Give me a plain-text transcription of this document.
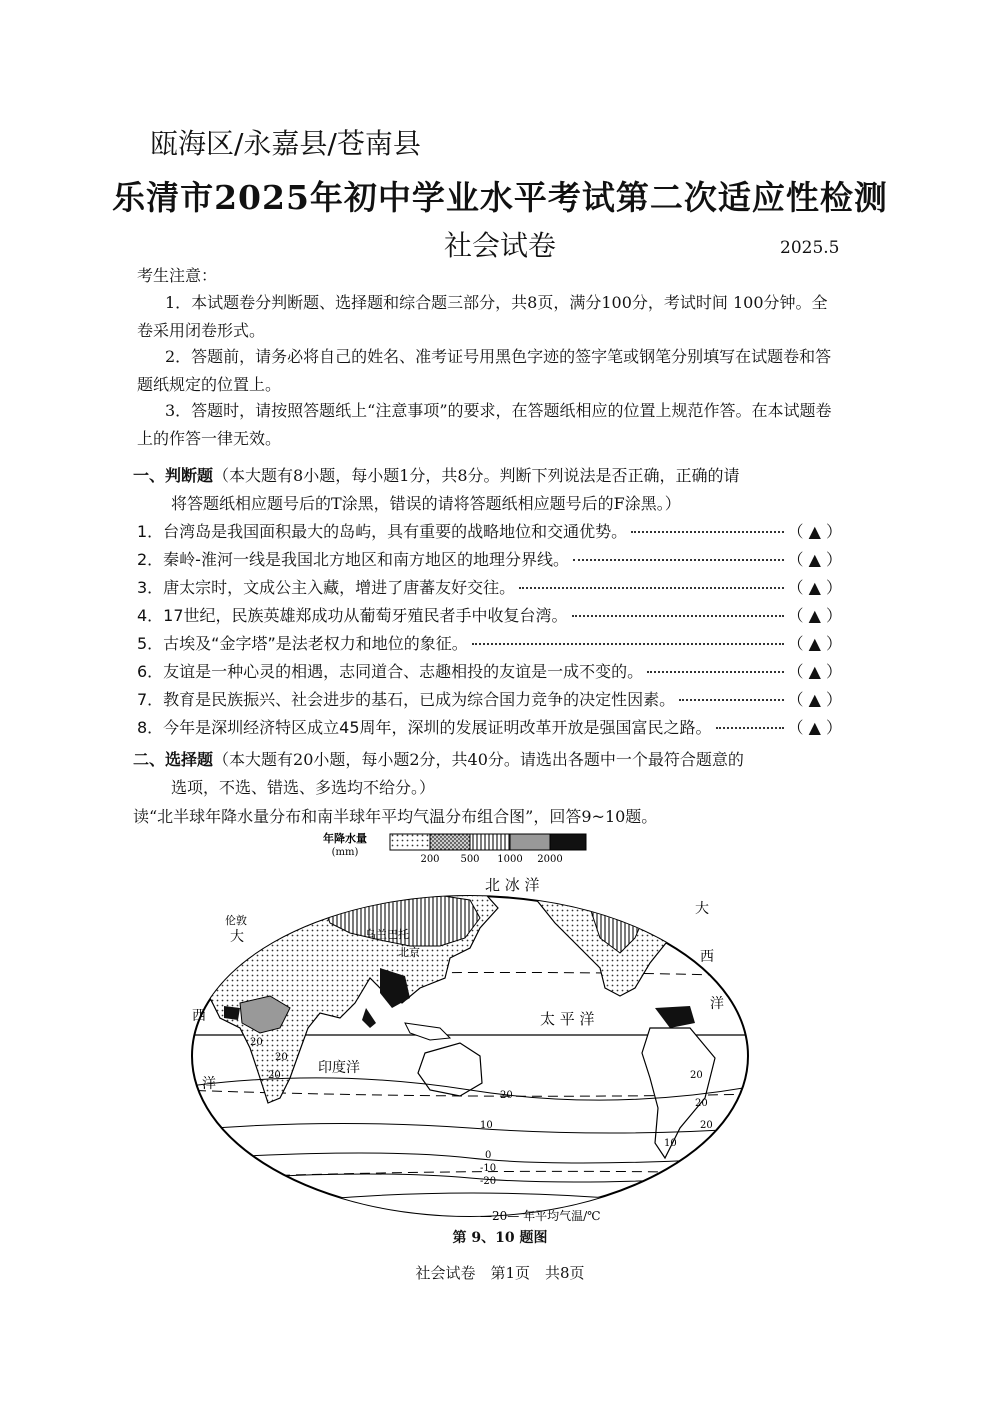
瓯海区/永嘉县/苍南县
乐清市2025年初中学业水平考试第二次适应性检测
社会试卷	2025.5
考生注意：
1．本试题卷分判断题、选择题和综合题三部分，共8页，满分100分，考试时间 100分钟。全卷采用闭卷形式。
2．答题前，请务必将自己的姓名、准考证号用黑色字迹的签字笔或钢笔分别填写在试题卷和答题纸规定的位置上。
3．答题时，请按照答题纸上“注意事项”的要求，在答题纸相应的位置上规范作答。在本试题卷上的作答一律无效。
一、判断题（本大题有8小题，每小题1分，共8分。判断下列说法是否正确，正确的请
将答题纸相应题号后的T涂黑，错误的请将答题纸相应题号后的F涂黑。）
1．台湾岛是我国面积最大的岛屿，具有重要的战略地位和交通优势。	（ ▲ ）
2．秦岭-淮河一线是我国北方地区和南方地区的地理分界线。	（ ▲ ）
3．唐太宗时，文成公主入藏，增进了唐蕃友好交往。	（ ▲ ）
4．17世纪，民族英雄郑成功从葡萄牙殖民者手中收复台湾。	（ ▲ ）
5．古埃及“金字塔”是法老权力和地位的象征。	（ ▲ ）
6．友谊是一种心灵的相遇，志同道合、志趣相投的友谊是一成不变的。	（ ▲ ）
7．教育是民族振兴、社会进步的基石，已成为综合国力竞争的决定性因素。	（ ▲ ）
8．今年是深圳经济特区成立45周年，深圳的发展证明改革开放是强国富民之路。	（ ▲ ）
二、选择题（本大题有20小题，每小题2分，共40分。请选出各题中一个最符合题意的
选项，不选、错选、多选均不给分。）
读“北半球年降水量分布和南半球年平均气温分布组合图”，回答9~10题。
年降水量
(mm)
200 500 1000 2000
北 冰 洋
太 平 洋
印度洋
大
西
洋
大
西
洋
伦敦
乌兰巴托
北京
20
20
20
20
20
20
20
10
10
0
-10
-20
—20— 年平均气温/℃
第 9、10 题图
社会试卷　第1页　共8页
